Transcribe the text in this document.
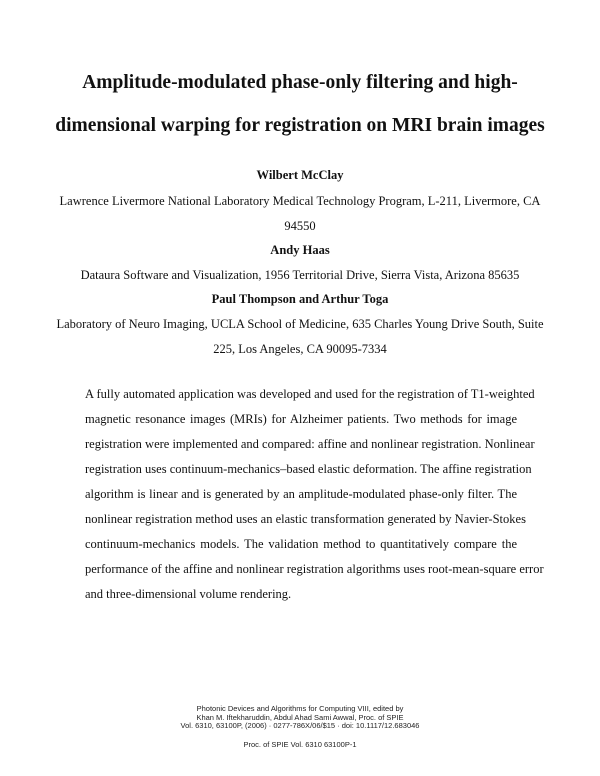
Amplitude-modulated phase-only filtering and high-
dimensional warping for registration on MRI brain images
Wilbert McClay
Lawrence Livermore National Laboratory Medical Technology Program, L-211, Livermore, CA
94550
Andy Haas
Dataura Software and Visualization, 1956 Territorial Drive, Sierra Vista, Arizona 85635
Paul Thompson and Arthur Toga
Laboratory of Neuro Imaging, UCLA School of Medicine, 635 Charles Young Drive South, Suite
225, Los Angeles, CA 90095-7334
A fully automated application was developed and used for the registration of T1-weighted
magnetic resonance images (MRIs) for Alzheimer patients. Two methods for image
registration were implemented and compared: affine and nonlinear registration. Nonlinear
registration uses continuum-mechanics–based elastic deformation. The affine registration
algorithm is linear and is generated by an amplitude-modulated phase-only filter. The
nonlinear registration method uses an elastic transformation generated by Navier-Stokes
continuum-mechanics models. The validation method to quantitatively compare the
performance of the affine and nonlinear registration algorithms uses root-mean-square error
and three-dimensional volume rendering.
Photonic Devices and Algorithms for Computing VIII, edited by
Khan M. Iftekharuddin, Abdul Ahad Sami Awwal, Proc. of SPIE
Vol. 6310, 63100P, (2006) · 0277-786X/06/$15 · doi: 10.1117/12.683046
Proc. of SPIE Vol. 6310 63100P-1
